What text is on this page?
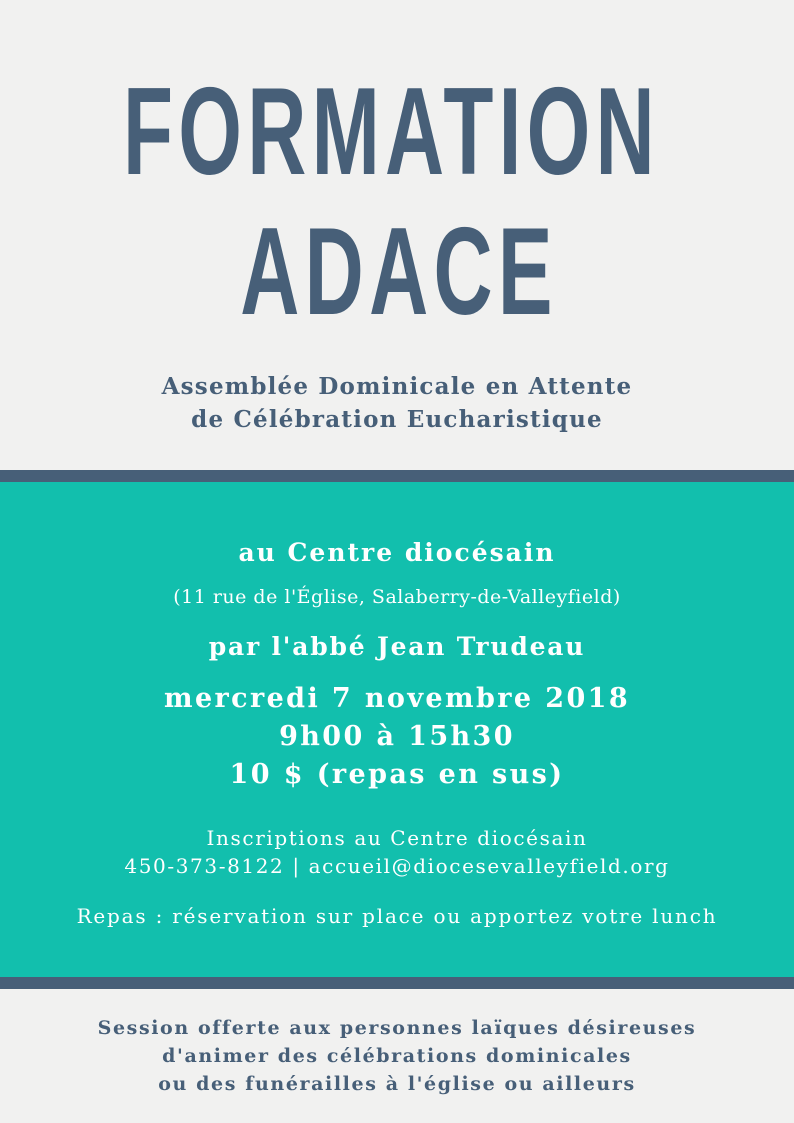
FORMATION
ADACE
Assemblée Dominicale en Attente
de Célébration Eucharistique
au Centre diocésain
(11 rue de l'Église, Salaberry-de-Valleyfield)
par l'abbé Jean Trudeau
mercredi 7 novembre 2018
9h00 à 15h30
10 $ (repas en sus)
Inscriptions au Centre diocésain
450-373-8122 | accueil@diocesevalleyfield.org
Repas : réservation sur place ou apportez votre lunch
Session offerte aux personnes laïques désireuses
d'animer des célébrations dominicales
ou des funérailles à l'église ou ailleurs
